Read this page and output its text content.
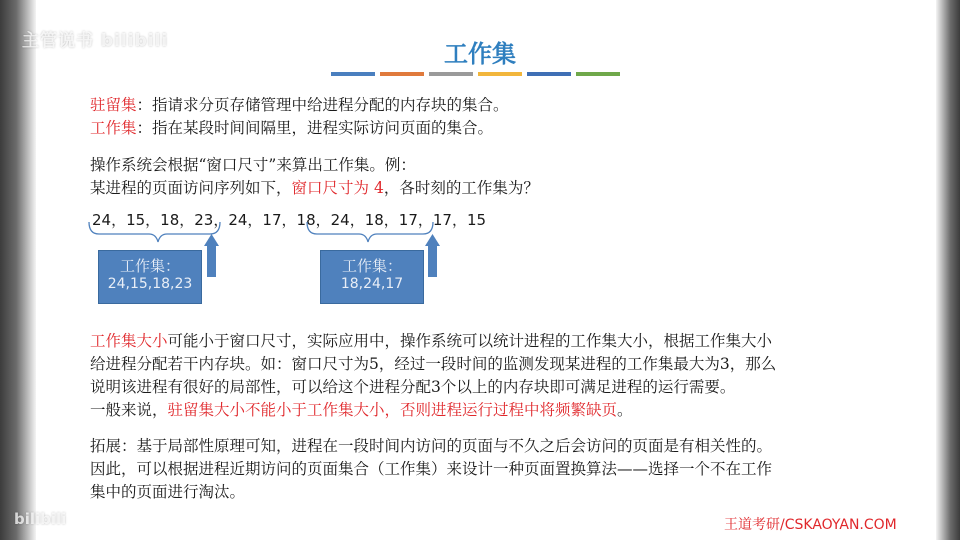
主管说书 bilibili
bilibili
工作集
驻留集：指请求分页存储管理中给进程分配的内存块的集合。
工作集：指在某段时间间隔里，进程实际访问页面的集合。
操作系统会根据“窗口尺寸”来算出工作集。例：
某进程的页面访问序列如下，窗口尺寸为 4，各时刻的工作集为？
24，15，18，23，24，17，18，24，18，17，17，15
工作集：
24,15,18,23
工作集：
18,24,17
工作集大小可能小于窗口尺寸，实际应用中，操作系统可以统计进程的工作集大小，根据工作集大小
给进程分配若干内存块。如：窗口尺寸为5，经过一段时间的监测发现某进程的工作集最大为3，那么
说明该进程有很好的局部性，可以给这个进程分配3个以上的内存块即可满足进程的运行需要。
一般来说，驻留集大小不能小于工作集大小，否则进程运行过程中将频繁缺页。
拓展：基于局部性原理可知，进程在一段时间内访问的页面与不久之后会访问的页面是有相关性的。
因此，可以根据进程近期访问的页面集合（工作集）来设计一种页面置换算法——选择一个不在工作
集中的页面进行淘汰。
王道考研/CSKAOYAN.COM
